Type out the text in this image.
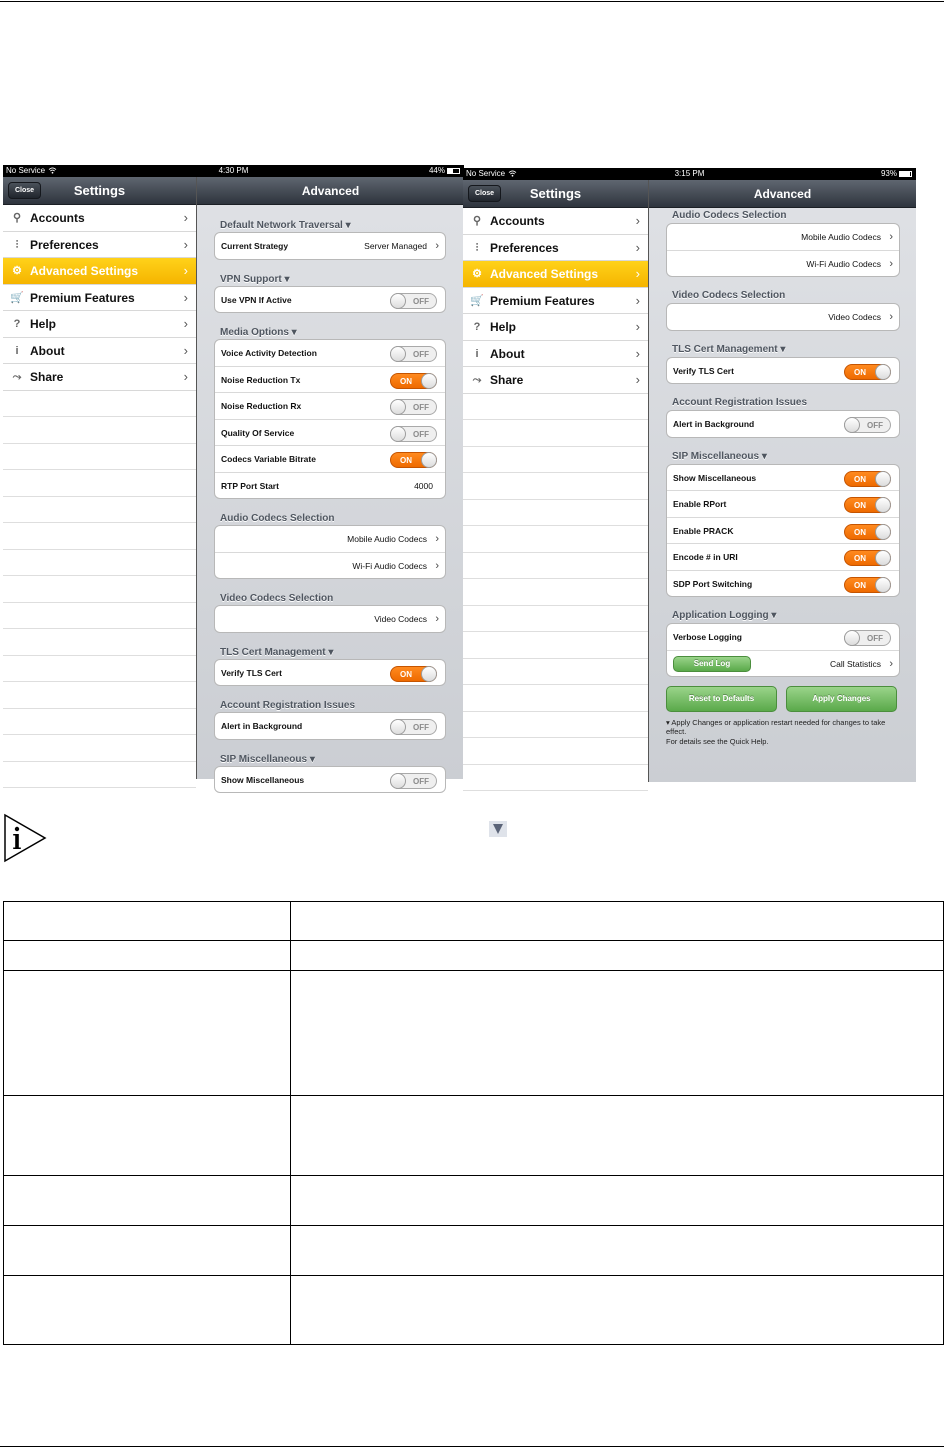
No Service	4:30 PM	44%
Close	Settings
⚲ Accounts	›
⫶ Preferences	›
⚙ Advanced Settings	›
🛒 Premium Features	›
? Help	›
i About	›
⤳ Share	›
Advanced
Default Network Traversal ▾
Current Strategy	Server Managed ›
VPN Support ▾
Use VPN If Active	OFF
Media Options ▾
Voice Activity Detection	OFF
Noise Reduction Tx	ON
Noise Reduction Rx	OFF
Quality Of Service	OFF
Codecs Variable Bitrate	ON
RTP Port Start	4000
Audio Codecs Selection
Mobile Audio Codecs ›
Wi-Fi Audio Codecs ›
Video Codecs Selection
Video Codecs ›
TLS Cert Management ▾
Verify TLS Cert	ON
Account Registration Issues
Alert in Background	OFF
SIP Miscellaneous ▾
Show Miscellaneous	OFF
No Service	3:15 PM	93%
Close	Settings
⚲ Accounts	›
⫶ Preferences	›
⚙ Advanced Settings	›
🛒 Premium Features	›
? Help	›
i About	›
⤳ Share	›
Advanced
Audio Codecs Selection
Mobile Audio Codecs ›
Wi-Fi Audio Codecs ›
Video Codecs Selection
Video Codecs ›
TLS Cert Management ▾
Verify TLS Cert	ON
Account Registration Issues
Alert in Background	OFF
SIP Miscellaneous ▾
Show Miscellaneous	ON
Enable RPort	ON
Enable PRACK	ON
Encode # in URI	ON
SDP Port Switching	ON
Application Logging ▾
Verbose Logging	OFF
Send Log	Call Statistics ›
Reset to Defaults	Apply Changes
▾ Apply Changes or application restart needed for changes to take effect.
For details see the Quick Help.
